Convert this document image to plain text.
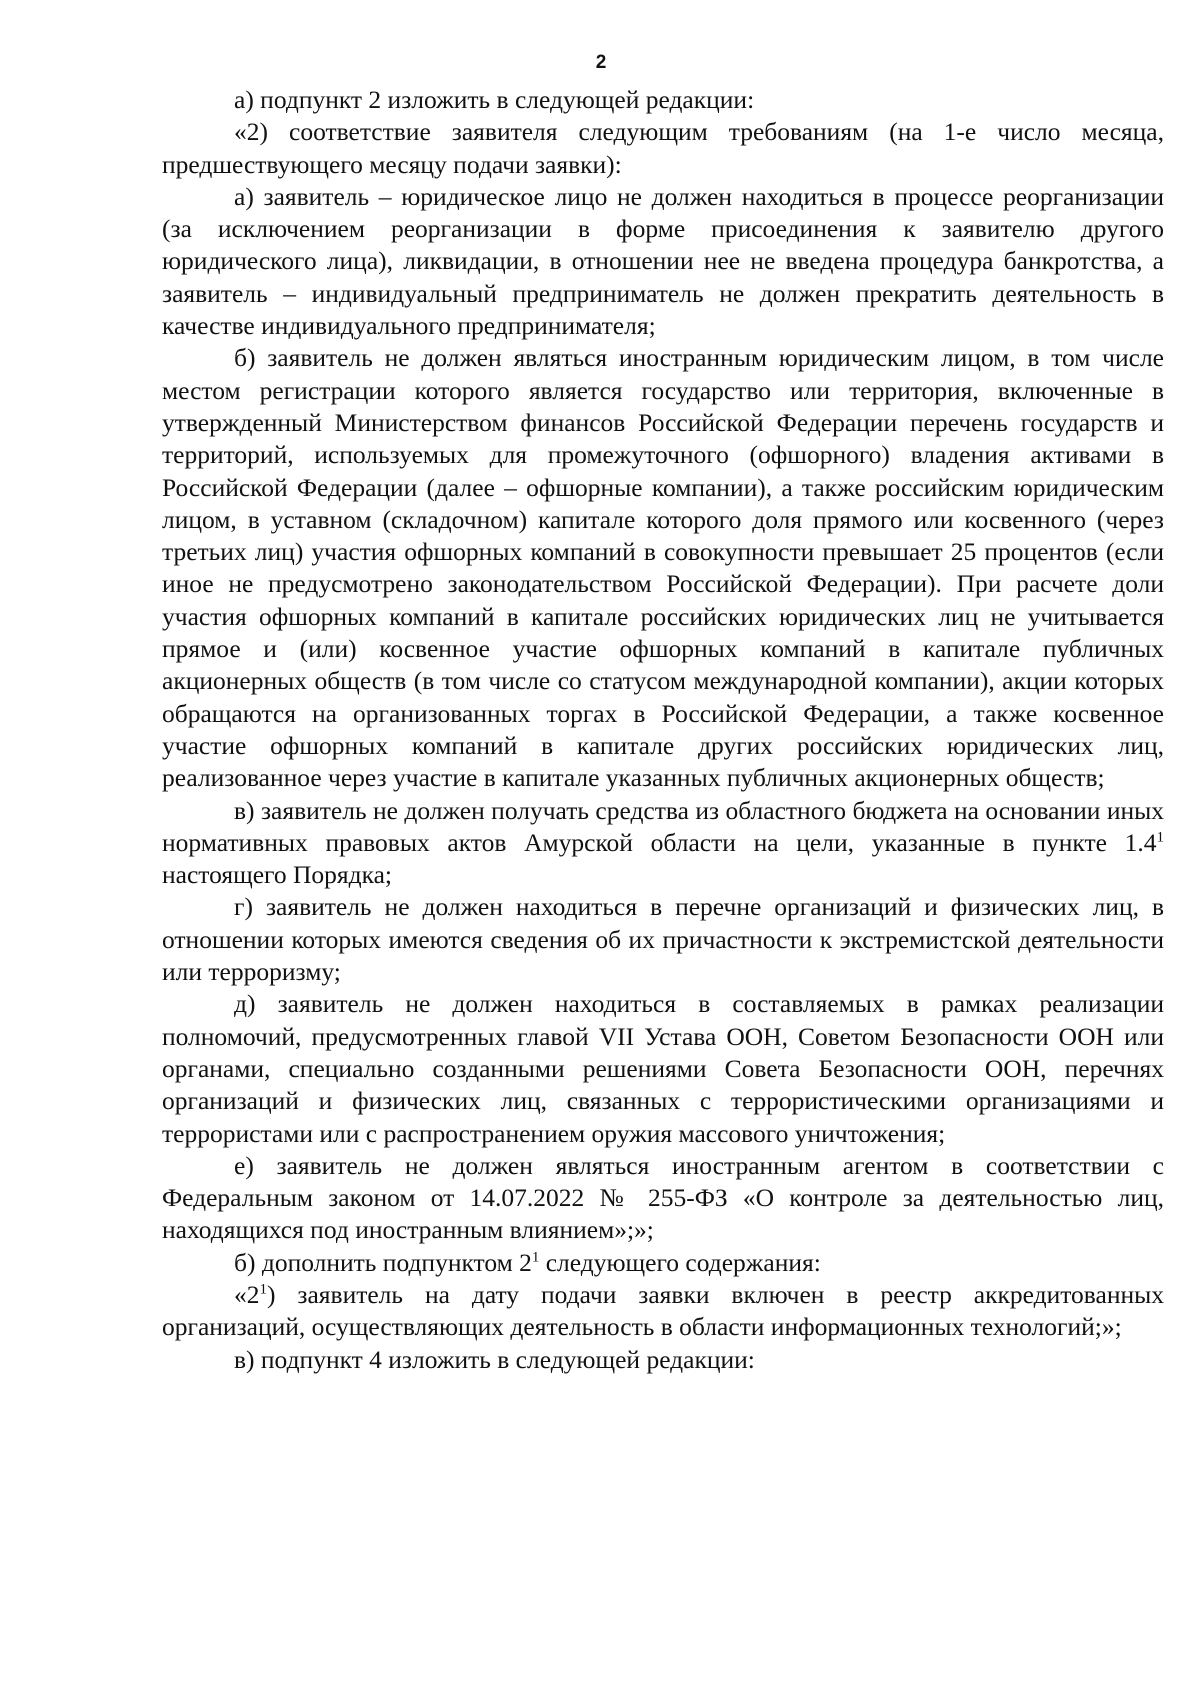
2

а) подпункт 2 изложить в следующей редакции:

«2) соответствие заявителя следующим требованиям (на 1-е число месяца, предшествующего месяцу подачи заявки):

а) заявитель – юридическое лицо не должен находиться в процессе реорганизации (за исключением реорганизации в форме присоединения к заявителю другого юридического лица), ликвидации, в отношении нее не введена процедура банкротства, а заявитель – индивидуальный предприниматель не должен прекратить деятельность в качестве индивидуального предпринимателя;

б) заявитель не должен являться иностранным юридическим лицом, в том числе местом регистрации которого является государство или территория, включенные в утвержденный Министерством финансов Российской Федерации перечень государств и территорий, используемых для промежуточного (офшорного) владения активами в Российской Федерации (далее – офшорные компании), а также российским юридическим лицом, в уставном (складочном) капитале которого доля прямого или косвенного (через третьих лиц) участия офшорных компаний в совокупности превышает 25 процентов (если иное не предусмотрено законодательством Российской Федерации). При расчете доли участия офшорных компаний в капитале российских юридических лиц не учитывается прямое и (или) косвенное участие офшорных компаний в капитале публичных акционерных обществ (в том числе со статусом международной компании), акции которых обращаются на организованных торгах в Российской Федерации, а также косвенное участие офшорных компаний в капитале других российских юридических лиц, реализованное через участие в капитале указанных публичных акционерных обществ;

в) заявитель не должен получать средства из областного бюджета на основании иных нормативных правовых актов Амурской области на цели, указанные в пункте $1.4^1$ настоящего Порядка;

г) заявитель не должен находиться в перечне организаций и физических лиц, в отношении которых имеются сведения об их причастности к экстремистской деятельности или терроризму;

д) заявитель не должен находиться в составляемых в рамках реализации полномочий, предусмотренных главой VII Устава ООН, Советом Безопасности ООН или органами, специально созданными решениями Совета Безопасности ООН, перечнях организаций и физических лиц, связанных с террористическими организациями и террористами или с распространением оружия массового уничтожения;

е) заявитель не должен являться иностранным агентом в соответствии с Федеральным законом от 14.07.2022 № 255-ФЗ «О контроле за деятельностью лиц, находящихся под иностранным влиянием»;»;

б) дополнить подпунктом $2^1$ следующего содержания:

«$2^1$) заявитель на дату подачи заявки включен в реестр аккредитованных организаций, осуществляющих деятельность в области информационных технологий;»;

в) подпункт 4 изложить в следующей редакции:
